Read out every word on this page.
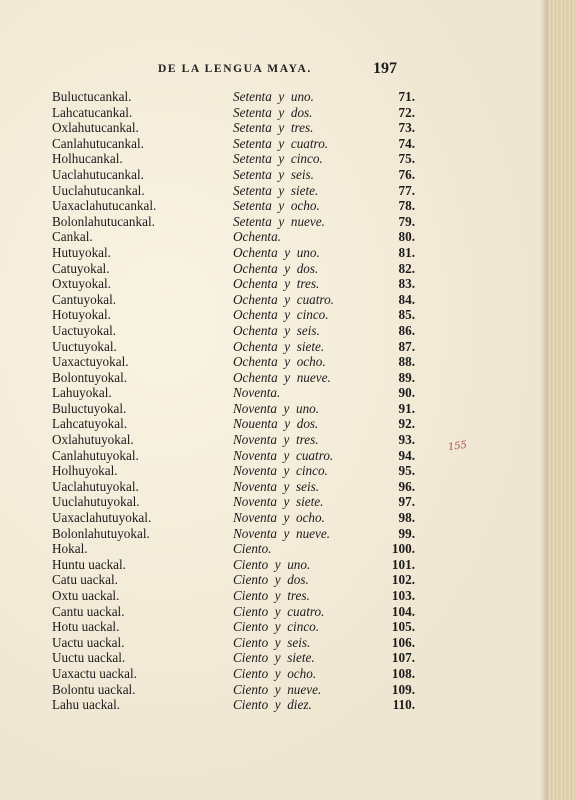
DE LA LENGUA MAYA.	197
Buluctucankal.	Setenta  y  uno.	71.
Lahcatucankal.	Setenta  y  dos.	72.
Oxlahutucankal.	Setenta  y  tres.	73.
Canlahutucankal.	Setenta  y  cuatro.	74.
Holhucankal.	Setenta  y  cinco.	75.
Uaclahutucankal.	Setenta  y  seis.	76.
Uuclahutucankal.	Setenta  y  siete.	77.
Uaxaclahutucankal.	Setenta  y  ocho.	78.
Bolonlahutucankal.	Setenta  y  nueve.	79.
Cankal.	Ochenta.	80.
Hutuyokal.	Ochenta  y  uno.	81.
Catuyokal.	Ochenta  y  dos.	82.
Oxtuyokal.	Ochenta  y  tres.	83.
Cantuyokal.	Ochenta  y  cuatro.	84.
Hotuyokal.	Ochenta  y  cinco.	85.
Uactuyokal.	Ochenta  y  seis.	86.
Uuctuyokal.	Ochenta  y  siete.	87.
Uaxactuyokal.	Ochenta  y  ocho.	88.
Bolontuyokal.	Ochenta  y  nueve.	89.
Lahuyokal.	Noventa.	90.
Buluctuyokal.	Noventa  y  uno.	91.
Lahcatuyokal.	Nouenta  y  dos.	92.
Oxlahutuyokal.	Noventa  y  tres.	93.
Canlahutuyokal.	Noventa  y  cuatro.	94.
Holhuyokal.	Noventa  y  cinco.	95.
Uaclahutuyokal.	Noventa  y  seis.	96.
Uuclahutuyokal.	Noventa  y  siete.	97.
Uaxaclahutuyokal.	Noventa  y  ocho.	98.
Bolonlahutuyokal.	Noventa  y  nueve.	99.
Hokal.	Ciento.	100.
Huntu uackal.	Ciento  y  uno.	101.
Catu uackal.	Ciento  y  dos.	102.
Oxtu uackal.	Ciento  y  tres.	103.
Cantu uackal.	Ciento  y  cuatro.	104.
Hotu uackal.	Ciento  y  cinco.	105.
Uactu uackal.	Ciento  y  seis.	106.
Uuctu uackal.	Ciento  y  siete.	107.
Uaxactu uackal.	Ciento  y  ocho.	108.
Bolontu uackal.	Ciento  y  nueve.	109.
Lahu uackal.	Ciento  y  diez.	110.
155
